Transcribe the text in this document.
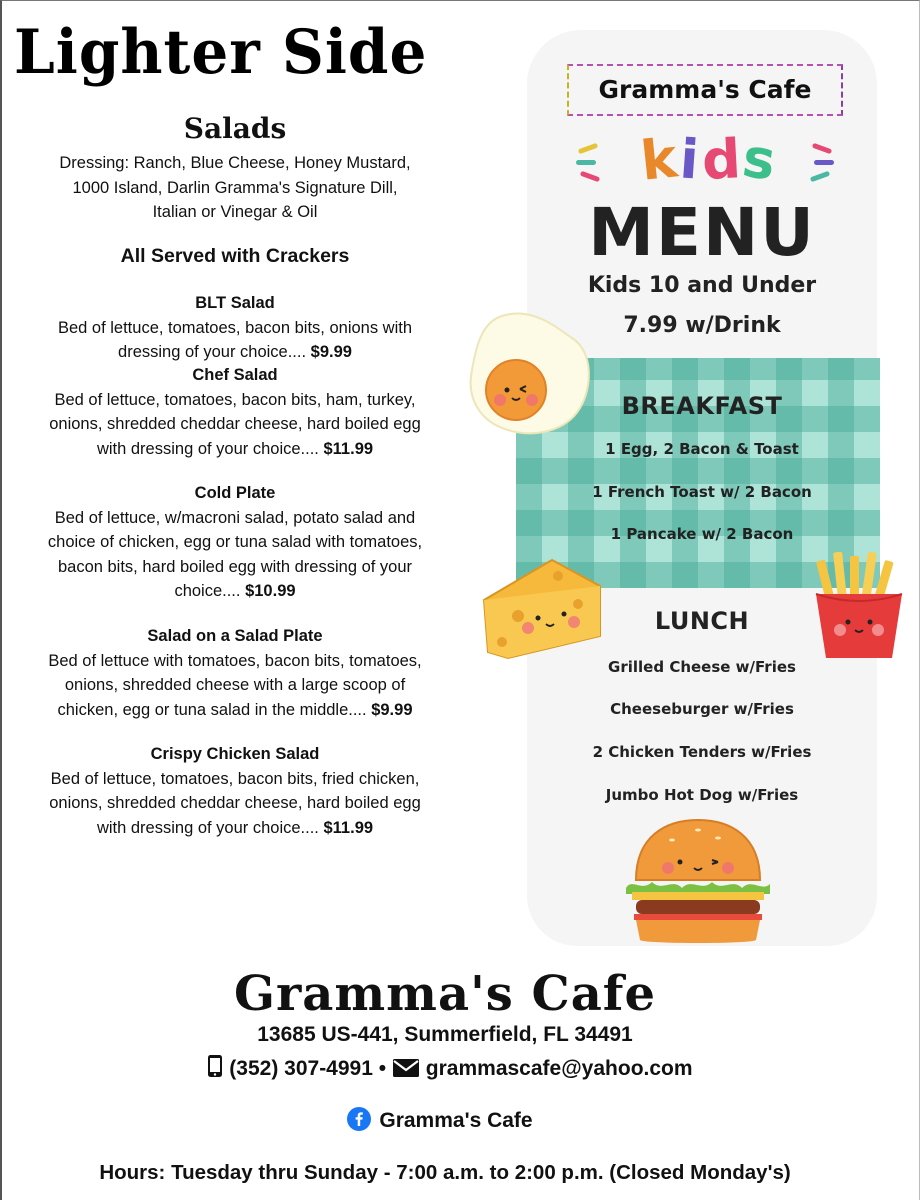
Lighter Side
Salads
Dressing: Ranch, Blue Cheese, Honey Mustard,
1000 Island, Darlin Gramma's Signature Dill,
Italian or Vinegar & Oil
All Served with Crackers
BLT Salad
Bed of lettuce, tomatoes, bacon bits, onions with
dressing of your choice.... $9.99
Chef Salad
Bed of lettuce, tomatoes, bacon bits, ham, turkey,
onions, shredded cheddar cheese, hard boiled egg
with dressing of your choice.... $11.99
Cold Plate
Bed of lettuce, w/macroni salad, potato salad and
choice of chicken, egg or tuna salad with tomatoes,
bacon bits, hard boiled egg with dressing of your
choice.... $10.99
Salad on a Salad Plate
Bed of lettuce with tomatoes, bacon bits, tomatoes,
onions, shredded cheese with a large scoop of
chicken, egg or tuna salad in the middle.... $9.99
Crispy Chicken Salad
Bed of lettuce, tomatoes, bacon bits, fried chicken,
onions, shredded cheddar cheese, hard boiled egg
with dressing of your choice.... $11.99
Gramma's Cafe
kids
MENU
Kids 10 and Under
7.99 w/Drink
BREAKFAST
1 Egg, 2 Bacon & Toast
1 French Toast w/ 2 Bacon
1 Pancake w/ 2 Bacon
LUNCH
Grilled Cheese w/Fries
Cheeseburger w/Fries
2 Chicken Tenders w/Fries
Jumbo Hot Dog w/Fries
Gramma's Cafe
13685 US-441, Summerfield, FL 34491
(352) 307-4991 • grammascafe@yahoo.com
Gramma's Cafe
Hours: Tuesday thru Sunday - 7:00 a.m. to 2:00 p.m. (Closed Monday's)
